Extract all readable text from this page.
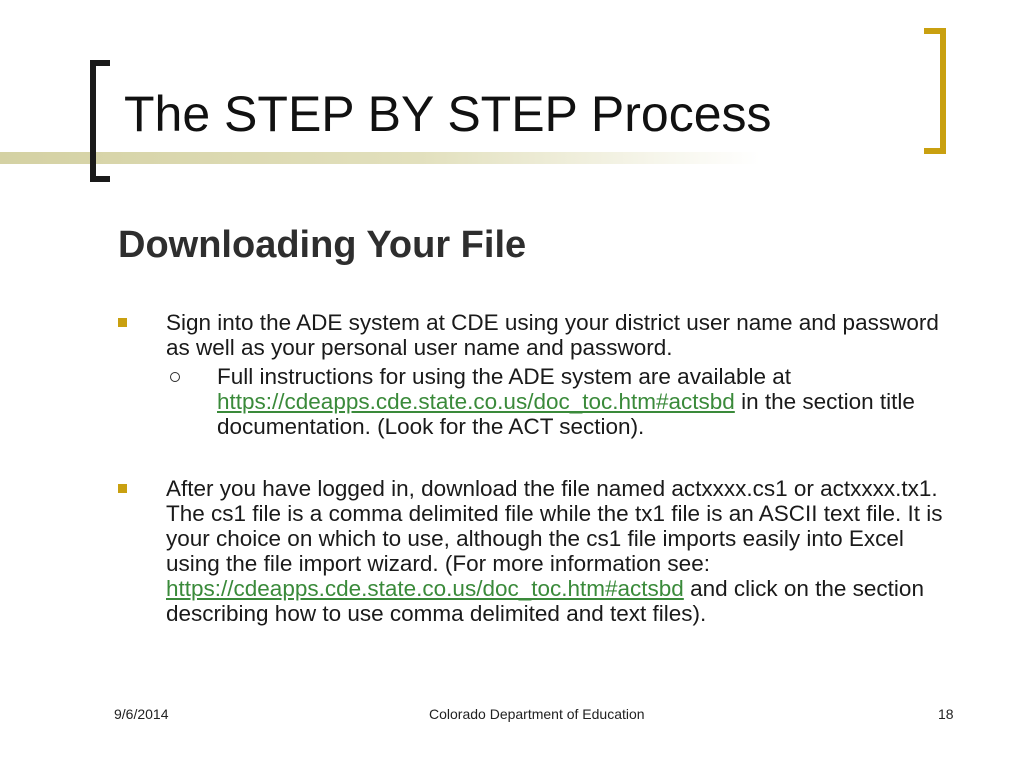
The STEP BY STEP Process
Downloading Your File

Sign into the ADE system at CDE using your district user name and password as well as your personal user name and password.

Full instructions for using the ADE system are available at https://cdeapps.cde.state.co.us/doc_toc.htm#actsbd in the section title documentation. (Look for the ACT section).

After you have logged in, download the file named actxxxx.cs1 or actxxxx.tx1. The cs1 file is a comma delimited file while the tx1 file is an ASCII text file. It is your choice on which to use, although the cs1 file imports easily into Excel using the file import wizard. (For more information see: https://cdeapps.cde.state.co.us/doc_toc.htm#actsbd and click on the section describing how to use comma delimited and text files).

9/6/2014	Colorado Department of Education	18
